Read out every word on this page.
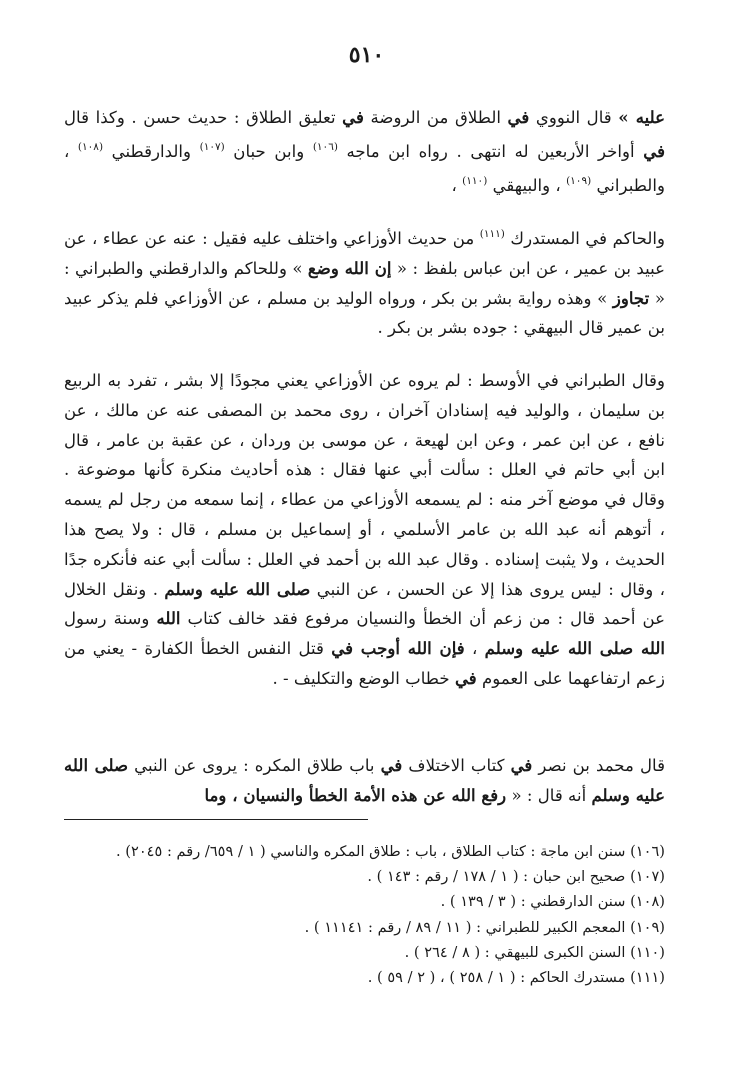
٥١٠

عليه » قال النووي في الطلاق من الروضة في تعليق الطلاق : حديث حسن . وكذا قال في أواخر الأربعين له انتهى . رواه ابن ماجه $^{(١٠٦)}$ وابن حبان $^{(١٠٧)}$ والدارقطني $^{(١٠٨)}$ ، والطبراني $^{(١٠٩)}$ ، والبيهقي $^{(١١٠)}$ ،

والحاكم في المستدرك $^{(١١١)}$ من حديث الأوزاعي واختلف عليه فقيل : عنه عن عطاء ، عن عبيد بن عمير ، عن ابن عباس بلفظ : « إن الله وضع » وللحاكم والدارقطني والطبراني : « تجاوز » وهذه رواية بشر بن بكر ، ورواه الوليد بن مسلم ، عن الأوزاعي فلم يذكر عبيد بن عمير قال البيهقي : جوده بشر بن بكر .

وقال الطبراني في الأوسط : لم يروه عن الأوزاعي يعني مجودًا إلا بشر ، تفرد به الربيع بن سليمان ، والوليد فيه إسنادان آخران ، روى محمد بن المصفى عنه عن مالك ، عن نافع ، عن ابن عمر ، وعن ابن لهيعة ، عن موسى بن وردان ، عن عقبة بن عامر ، قال ابن أبي حاتم في العلل : سألت أبي عنها فقال : هذه أحاديث منكرة كأنها موضوعة . وقال في موضع آخر منه : لم يسمعه الأوزاعي من عطاء ، إنما سمعه من رجل لم يسمه ، أتوهم أنه عبد الله بن عامر الأسلمي ، أو إسماعيل بن مسلم ، قال : ولا يصح هذا الحديث ، ولا يثبت إسناده . وقال عبد الله بن أحمد في العلل : سألت أبي عنه فأنكره جدًا ، وقال : ليس يروى هذا إلا عن الحسن ، عن النبي صلى الله عليه وسلم . ونقل الخلال عن أحمد قال : من زعم أن الخطأ والنسيان مرفوع فقد خالف كتاب الله وسنة رسول الله صلى الله عليه وسلم ، فإن الله أوجب في قتل النفس الخطأ الكفارة - يعني من زعم ارتفاعهما على العموم في خطاب الوضع والتكليف - .

قال محمد بن نصر في كتاب الاختلاف في باب طلاق المكره : يروى عن النبي صلى الله عليه وسلم أنه قال : « رفع الله عن هذه الأمة الخطأ والنسيان ، وما

(١٠٦) سنن ابن ماجة : كتاب الطلاق ، باب : طلاق المكره والناسي ( ١ / ٦٥٩/ رقم : ٢٠٤٥) .
(١٠٧) صحيح ابن حبان : ( ١ / ١٧٨ / رقم : ١٤٣ ) .
(١٠٨) سنن الدارقطني : ( ٣ / ١٣٩ ) .
(١٠٩) المعجم الكبير للطبراني : ( ١١ / ٨٩ / رقم : ١١١٤١ ) .
(١١٠) السنن الكبرى للبيهقي : ( ٨ / ٢٦٤ ) .
(١١١) مستدرك الحاكم : ( ١ / ٢٥٨ ) ، ( ٢ / ٥٩ ) .
